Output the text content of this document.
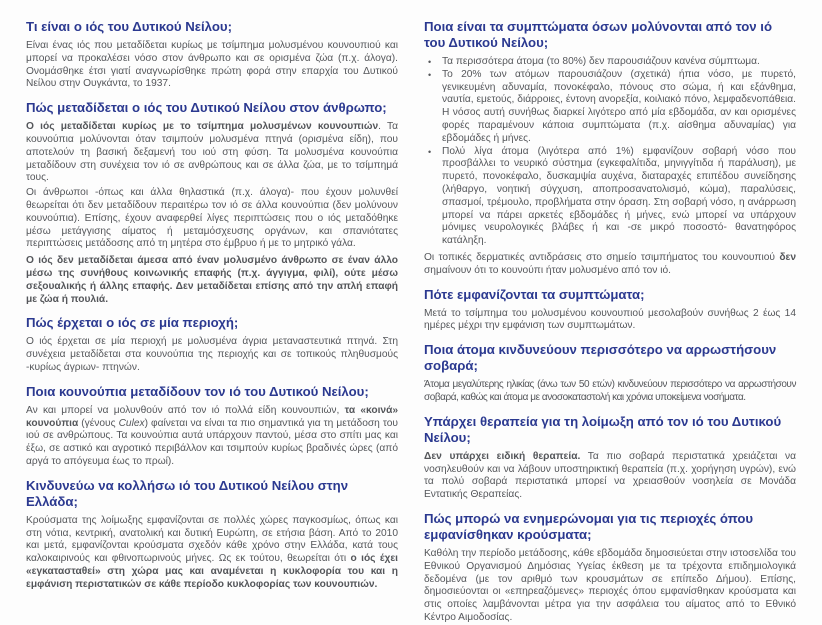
Τι είναι ο ιός του Δυτικού Νείλου;

Είναι ένας ιός που μεταδίδεται κυρίως με τσίμπημα μολυσμένου κουνουπιού και μπορεί να προκαλέσει νόσο στον άνθρωπο και σε ορισμένα ζώα (π.χ. άλογα). Ονομάσθηκε έτσι γιατί αναγνωρίσθηκε πρώτη φορά στην επαρχία του Δυτικού Νείλου στην Ουγκάντα, το 1937.

Πώς μεταδίδεται ο ιός του Δυτικού Νείλου στον άνθρωπο;

Ο ιός μεταδίδεται κυρίως με το τσίμπημα μολυσμένων κουνουπιών. Τα κουνούπια μολύνονται όταν τσιμπούν μολυσμένα πτηνά (ορισμένα είδη), που αποτελούν τη βασική δεξαμενή του ιού στη φύση. Τα μολυσμένα κουνούπια μεταδίδουν στη συνέχεια τον ιό σε ανθρώπους και σε άλλα ζώα, με το τσίμπημά τους.

Οι άνθρωποι -όπως και άλλα θηλαστικά (π.χ. άλογα)- που έχουν μολυνθεί θεωρείται ότι δεν μεταδίδουν περαιτέρω τον ιό σε άλλα κουνούπια (δεν μολύνουν κουνούπια). Επίσης, έχουν αναφερθεί λίγες περιπτώσεις που ο ιός μεταδόθηκε μέσω μετάγγισης αίματος ή μεταμόσχευσης οργάνων, και σπανιότατες περιπτώσεις μετάδοσης από τη μητέρα στο έμβρυο ή με το μητρικό γάλα.

Ο ιός δεν μεταδίδεται άμεσα από έναν μολυσμένο άνθρωπο σε έναν άλλο μέσω της συνήθους κοινωνικής επαφής (π.χ. άγγιγμα, φιλί), ούτε μέσω σεξουαλικής ή άλλης επαφής. Δεν μεταδίδεται επίσης από την απλή επαφή με ζώα ή πουλιά.

Πώς έρχεται ο ιός σε μία περιοχή;

Ο ιός έρχεται σε μία περιοχή με μολυσμένα άγρια μεταναστευτικά πτηνά. Στη συνέχεια μεταδίδεται στα κουνούπια της περιοχής και σε τοπικούς πληθυσμούς -κυρίως άγριων- πτηνών.

Ποια κουνούπια μεταδίδουν τον ιό του Δυτικού Νείλου;

Αν και μπορεί να μολυνθούν από τον ιό πολλά είδη κουνουπιών, τα «κοινά» κουνούπια (γένους Culex) φαίνεται να είναι τα πιο σημαντικά για τη μετάδοση του ιού σε ανθρώπους. Τα κουνούπια αυτά υπάρχουν παντού, μέσα στο σπίτι μας και έξω, σε αστικό και αγροτικό περιβάλλον και τσιμπούν κυρίως βραδινές ώρες (από αργά το απόγευμα έως το πρωί).

Κινδυνεύω να κολλήσω ιό του Δυτικού Νείλου στην Ελλάδα;

Κρούσματα της λοίμωξης εμφανίζονται σε πολλές χώρες παγκοσμίως, όπως και στη νότια, κεντρική, ανατολική και δυτική Ευρώπη, σε ετήσια βάση. Από το 2010 και μετά, εμφανίζονται κρούσματα σχεδόν κάθε χρόνο στην Ελλάδα, κατά τους καλοκαιρινούς και φθινοπωρινούς μήνες. Ως εκ τούτου, θεωρείται ότι ο ιός έχει «εγκατασταθεί» στη χώρα μας και αναμένεται η κυκλοφορία του και η εμφάνιση περιστατικών σε κάθε περίοδο κυκλοφορίας των κουνουπιών.

Ποια είναι τα συμπτώματα όσων μολύνονται από τον ιό του Δυτικού Νείλου;
• Τα περισσότερα άτομα (το 80%) δεν παρουσιάζουν κανένα σύμπτωμα.
• Το 20% των ατόμων παρουσιάζουν (σχετικά) ήπια νόσο, με πυρετό, γενικευμένη αδυναμία, πονοκέφαλο, πόνους στο σώμα, ή και εξάνθημα, ναυτία, εμετούς, διάρροιες, έντονη ανορεξία, κοιλιακό πόνο, λεμφαδενοπάθεια. Η νόσος αυτή συνήθως διαρκεί λιγότερο από μία εβδομάδα, αν και ορισμένες φορές παραμένουν κάποια συμπτώματα (π.χ. αίσθημα αδυναμίας) για εβδομάδες ή μήνες.
• Πολύ λίγα άτομα (λιγότερα από 1%) εμφανίζουν σοβαρή νόσο που προσβάλλει το νευρικό σύστημα (εγκεφαλίτιδα, μηνιγγίτιδα ή παράλυση), με πυρετό, πονοκέφαλο, δυσκαμψία αυχένα, διαταραχές επιπέδου συνείδησης (λήθαργο, νοητική σύγχυση, αποπροσανατολισμό, κώμα), παραλύσεις, σπασμοί, τρέμουλο, προβλήματα στην όραση. Στη σοβαρή νόσο, η ανάρρωση μπορεί να πάρει αρκετές εβδομάδες ή μήνες, ενώ μπορεί να υπάρχουν μόνιμες νευρολογικές βλάβες ή και -σε μικρό ποσοστό- θανατηφόρος κατάληξη.

Οι τοπικές δερματικές αντιδράσεις στο σημείο τσιμπήματος του κουνουπιού δεν σημαίνουν ότι το κουνούπι ήταν μολυσμένο από τον ιό.

Πότε εμφανίζονται τα συμπτώματα;

Μετά το τσίμπημα του μολυσμένου κουνουπιού μεσολαβούν συνήθως 2 έως 14 ημέρες μέχρι την εμφάνιση των συμπτωμάτων.

Ποια άτομα κινδυνεύουν περισσότερο να αρρωστήσουν σοβαρά;

Άτομα μεγαλύτερης ηλικίας (άνω των 50 ετών) κινδυνεύουν περισσότερο να αρρωστήσουν σοβαρά, καθώς και άτομα με ανοσοκαταστολή και χρόνια υποκείμενα νοσήματα.

Υπάρχει θεραπεία για τη λοίμωξη από τον ιό του Δυτικού Νείλου;

Δεν υπάρχει ειδική θεραπεία. Τα πιο σοβαρά περιστατικά χρειάζεται να νοσηλευθούν και να λάβουν υποστηρικτική θεραπεία (π.χ. χορήγηση υγρών), ενώ τα πολύ σοβαρά περιστατικά μπορεί να χρειασθούν νοσηλεία σε Μονάδα Εντατικής Θεραπείας.

Πώς μπορώ να ενημερώνομαι για τις περιοχές όπου εμφανίσθηκαν κρούσματα;

Καθόλη την περίοδο μετάδοσης, κάθε εβδομάδα δημοσιεύεται στην ιστοσελίδα του Εθνικού Οργανισμού Δημόσιας Υγείας έκθεση με τα τρέχοντα επιδημιολογικά δεδομένα (με τον αριθμό των κρουσμάτων σε επίπεδο Δήμου). Επίσης, δημοσιεύονται οι «επηρεαζόμενες» περιοχές όπου εμφανίσθηκαν κρούσματα και στις οποίες λαμβάνονται μέτρα για την ασφάλεια του αίματος από το Εθνικό Κέντρο Αιμοδοσίας.
